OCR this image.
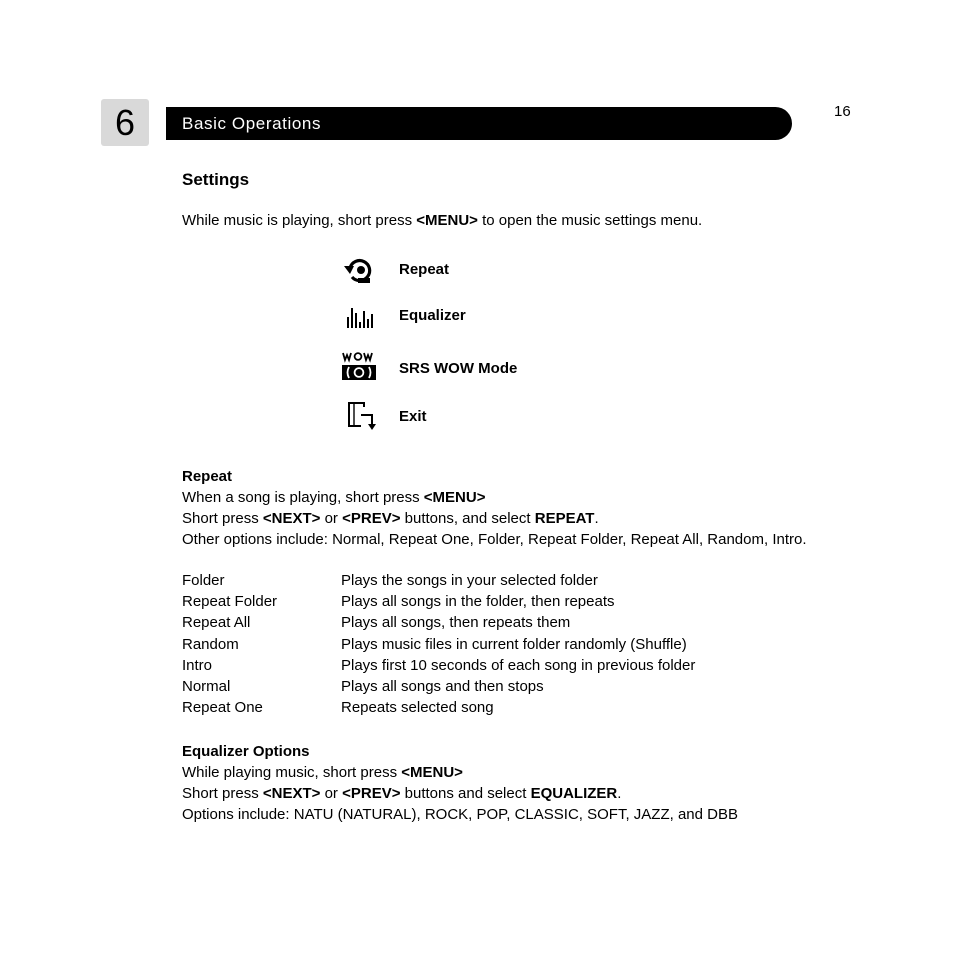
6	Basic Operations
16
Settings
While music is playing, short press <MENU> to open the music settings menu.
Repeat
Equalizer
SRS WOW Mode
Exit
Repeat
When a song is playing, short press <MENU>
Short press <NEXT> or <PREV> buttons, and select REPEAT.
Other options include: Normal, Repeat One, Folder, Repeat Folder, Repeat All, Random, Intro.
Folder	Plays the songs in your selected folder
Repeat Folder	Plays all songs in the folder, then repeats
Repeat All	Plays all songs, then repeats them
Random	Plays music files in current folder randomly (Shuffle)
Intro	Plays first 10 seconds of each song in previous folder
Normal	Plays all songs and then stops
Repeat One	Repeats selected song
Equalizer Options
While playing music, short press <MENU>
Short press <NEXT> or <PREV> buttons and select EQUALIZER.
Options include: NATU (NATURAL), ROCK, POP, CLASSIC, SOFT, JAZZ, and DBB
